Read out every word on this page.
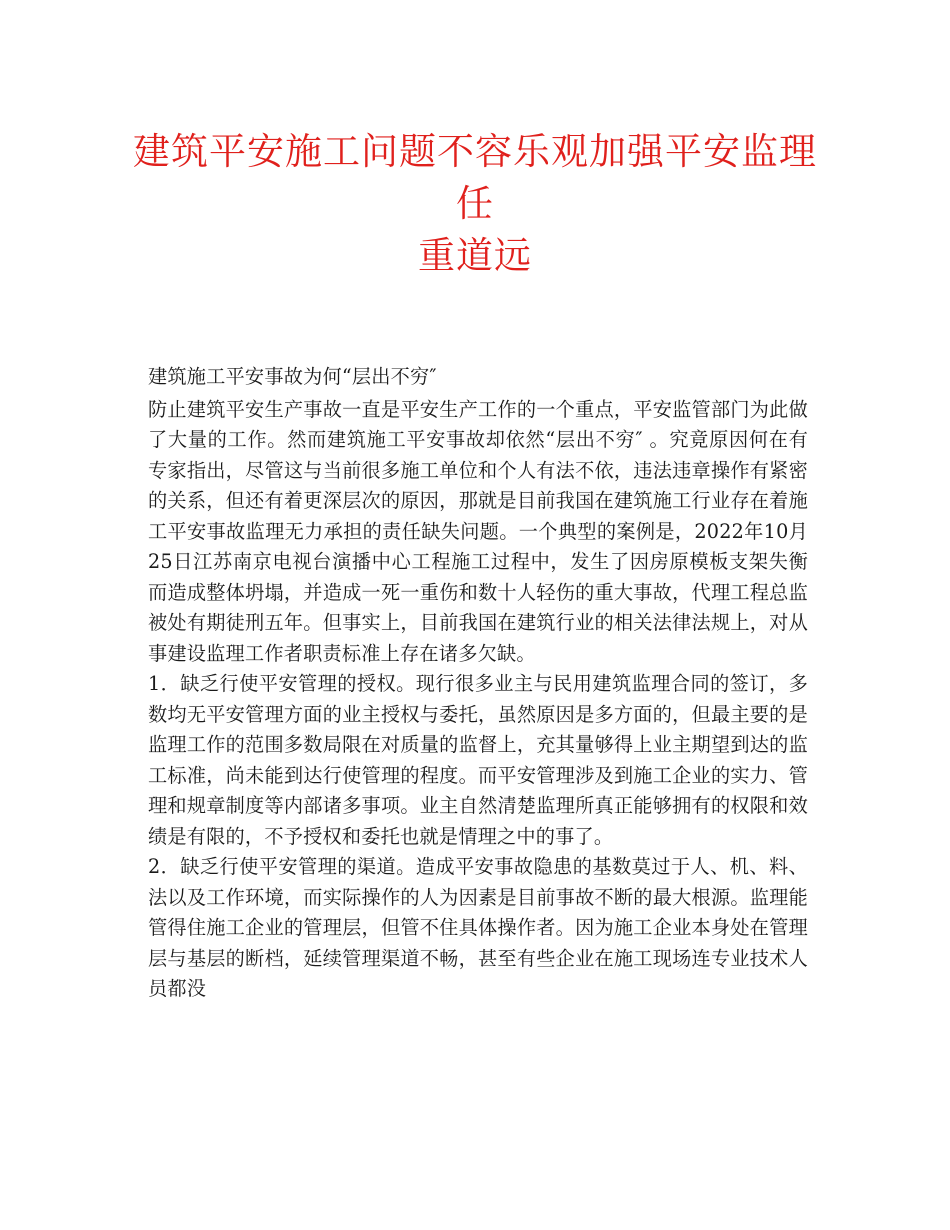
建筑平安施工问题不容乐观加强平安监理任
重道远

建筑施工平安事故为何“层出不穷″

防止建筑平安生产事故一直是平安生产工作的一个重点，平安监管部门为此做了大量的工作。然而建筑施工平安事故却依然“层出不穷″ 。究竟原因何在有专家指出，尽管这与当前很多施工单位和个人有法不依，违法违章操作有紧密的关系，但还有着更深层次的原因，那就是目前我国在建筑施工行业存在着施工平安事故监理无力承担的责任缺失问题。一个典型的案例是，2022年10月25日江苏南京电视台演播中心工程施工过程中，发生了因房原模板支架失衡而造成整体坍塌，并造成一死一重伤和数十人轻伤的重大事故，代理工程总监被处有期徒刑五年。但事实上，目前我国在建筑行业的相关法律法规上，对从事建设监理工作者职责标准上存在诸多欠缺。

1．缺乏行使平安管理的授权。现行很多业主与民用建筑监理合同的签订，多数均无平安管理方面的业主授权与委托，虽然原因是多方面的，但最主要的是监理工作的范围多数局限在对质量的监督上，充其量够得上业主期望到达的监工标准，尚未能到达行使管理的程度。而平安管理涉及到施工企业的实力、管理和规章制度等内部诸多事项。业主自然清楚监理所真正能够拥有的权限和效绩是有限的，不予授权和委托也就是情理之中的事了。

2．缺乏行使平安管理的渠道。造成平安事故隐患的基数莫过于人、机、料、法以及工作环境，而实际操作的人为因素是目前事故不断的最大根源。监理能管得住施工企业的管理层，但管不住具体操作者。因为施工企业本身处在管理层与基层的断档，延续管理渠道不畅，甚至有些企业在施工现场连专业技术人员都没
